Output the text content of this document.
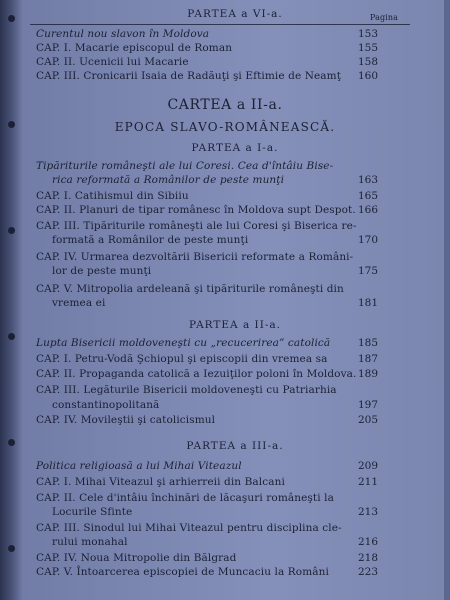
PARTEA a VI-a.	Pagina
Curentul nou slavon în Moldova	153
CAP. I. Macarie episcopul de Roman	155
CAP. II. Ucenicii lui Macarie	158
CAP. III. Cronicarii Isaia de Radăuţi şi Eftimie de Neamţ	160
CARTEA a II-a.
EPOCA SLAVO-ROMÂNEASCĂ.
PARTEA a I-a.
Tipăriturile româneşti ale lui Coresi. Cea d'întâiu Bise-
rica reformată a Românilor de peste munţi	163
CAP. I. Catihismul din Sibiiu	165
CAP. II. Planuri de tipar românesc în Moldova supt Despot. 166
CAP. III. Tipăriturile româneşti ale lui Coresi şi Biserica re-
formată a Românilor de peste munţi	170
CAP. IV. Urmarea dezvoltării Bisericii reformate a Români-
lor de peste munţi	175
CAP. V. Mitropolia ardeleană şi tipăriturile româneşti din
vremea ei	181
PARTEA a II-a.
Lupta Bisericii moldoveneşti cu „recucerirea” catolică	185
CAP. I. Petru-Vodă Şchiopul şi episcopii din vremea sa	187
CAP. II. Propaganda catolică a Iezuiţilor poloni în Moldova. 189
CAP. III. Legăturile Bisericii moldoveneşti cu Patriarhia
constantinopolitană	197
CAP. IV. Movileştii şi catolicismul	205
PARTEA a III-a.
Politica religioasă a lui Mihai Viteazul	209
CAP. I. Mihai Viteazul şi arhierreii din Balcani	211
CAP. II. Cele d'intâiu închinări de lăcaşuri româneşti la
Locurile Sfinte	213
CAP. III. Sinodul lui Mihai Viteazul pentru disciplina cle-
rului monahal	216
CAP. IV. Noua Mitropolie din Bălgrad	218
CAP. V. Întoarcerea episcopiei de Muncaciu la Români	223
